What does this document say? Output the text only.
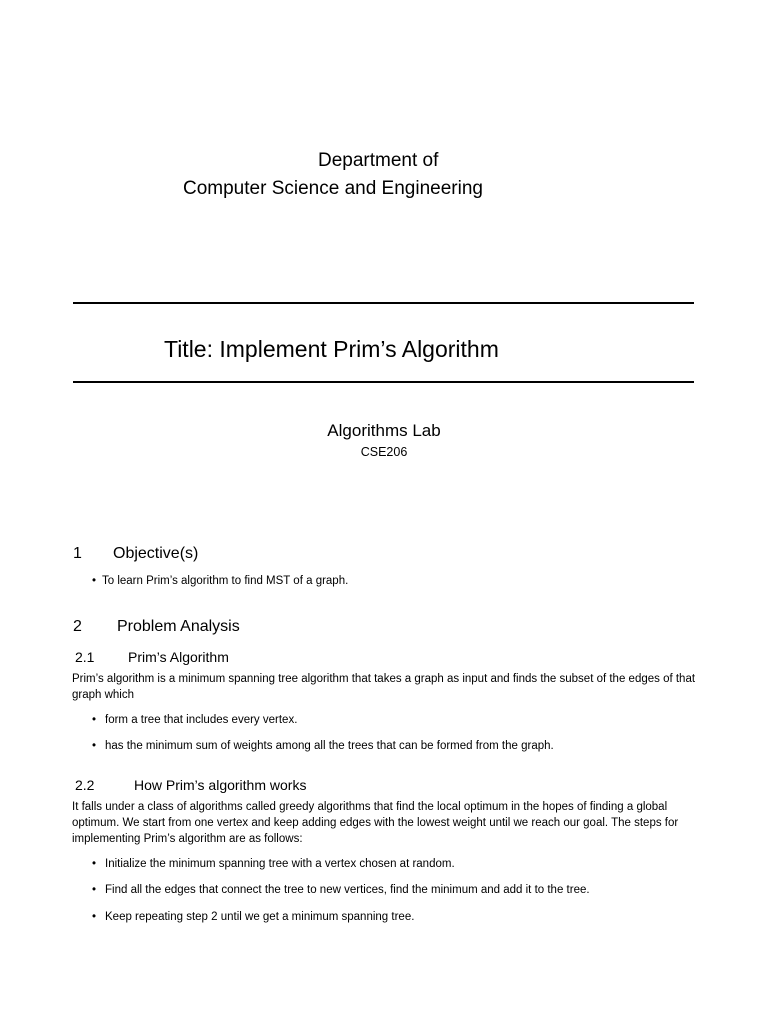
Department of

Computer Science and Engineering

Title: Implement Prim’s Algorithm

Algorithms Lab

CSE206

1 Objective(s)
• To learn Prim’s algorithm to find MST of a graph.
2 Problem Analysis
2.1 Prim’s Algorithm

Prim’s algorithm is a minimum spanning tree algorithm that takes a graph as input and finds the subset of the edges of that graph which

• form a tree that includes every vertex.
• has the minimum sum of weights among all the trees that can be formed from the graph.
2.2	How Prim’s algorithm works

It falls under a class of algorithms called greedy algorithms that find the local optimum in the hopes of finding a global optimum. We start from one vertex and keep adding edges with the lowest weight until we reach our goal. The steps for implementing Prim’s algorithm are as follows:

• Initialize the minimum spanning tree with a vertex chosen at random.
• Find all the edges that connect the tree to new vertices, find the minimum and add it to the tree.
• Keep repeating step 2 until we get a minimum spanning tree.
